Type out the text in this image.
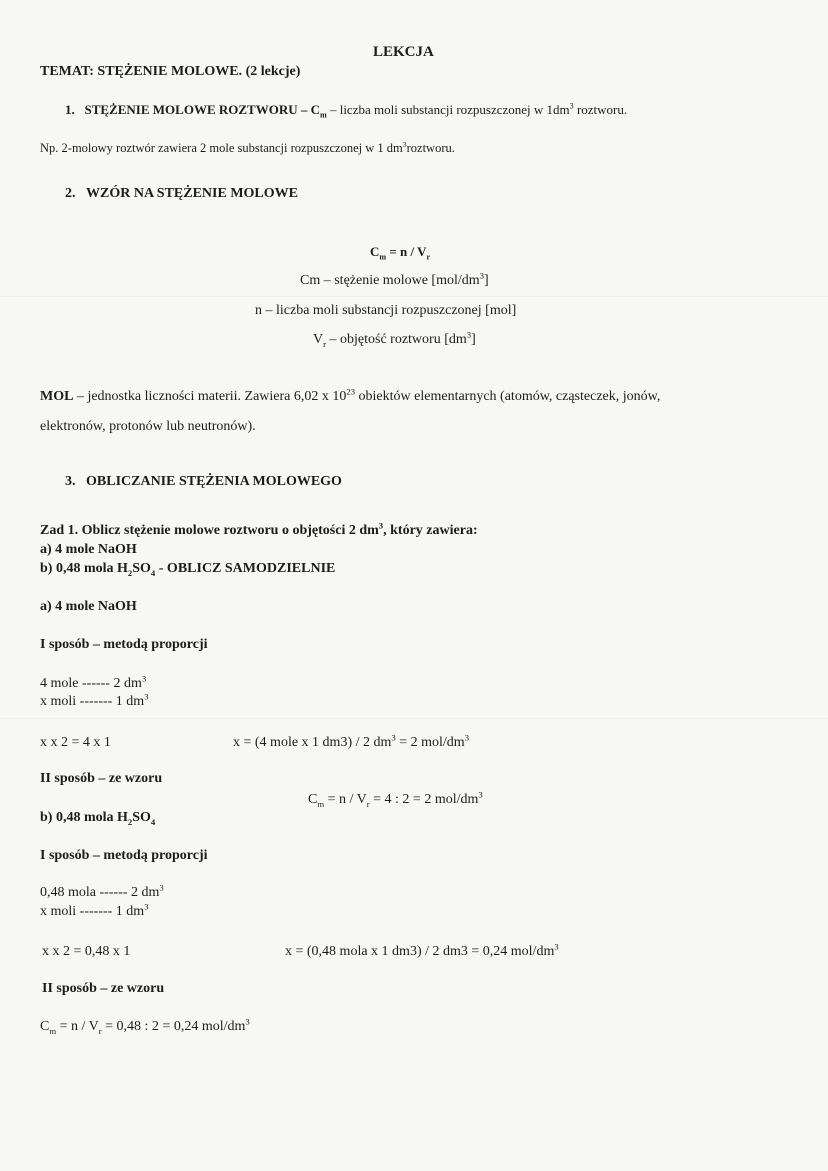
LEKCJA
TEMAT: STĘŻENIE MOLOWE. (2 lekcje)
1. STĘŻENIE MOLOWE ROZTWORU – $C_m$ – liczba moli substancji rozpuszczonej w $1dm^3$ roztworu.
Np. 2-molowy roztwór zawiera 2 mole substancji rozpuszczonej w 1 $dm^3roztworu$.
2. WZÓR NA STĘŻENIE MOLOWE
$C_m = n / V_r$
Cm – stężenie molowe $[mol/dm^3]$
n – liczba moli substancji rozpuszczonej [mol]
$V_r$ – objętość roztworu $[dm^3]$
MOL – jednostka liczności materii. Zawiera 6,02 x $10^{23}$ obiektów elementarnych (atomów, cząsteczek, jonów,
elektronów, protonów lub neutronów).
3. OBLICZANIE STĘŻENIA MOLOWEGO
Zad 1. Oblicz stężenie molowe roztworu o objętości 2 $dm^3$, który zawiera:
a) 4 mole NaOH
b) 0,48 mola $H_2SO_4$ - OBLICZ SAMODZIELNIE
a) 4 mole NaOH
I sposób – metodą proporcji
4 mole ------ 2 $dm^3$
x moli ------- 1 $dm^3$
x x 2 = 4 x 1	x = (4 mole x 1 dm3) / 2 $dm^3 = 2$ mol/$dm^3$
II sposób – ze wzoru
$C_m = n / V_r = 4$ : 2 = 2 mol/$dm^3$
b) 0,48 mola $H_2SO_4$
I sposób – metodą proporcji
0,48 mola ------ 2 $dm^3$
x moli ------- 1 $dm^3$
x x 2 = 0,48 x 1	x = (0,48 mola x 1 dm3) / 2 dm3 = 0,24 mol/$dm^3$
II sposób – ze wzoru
$C_m = n / V_r = 0,48$ : 2 = 0,24 mol/$dm^3$
